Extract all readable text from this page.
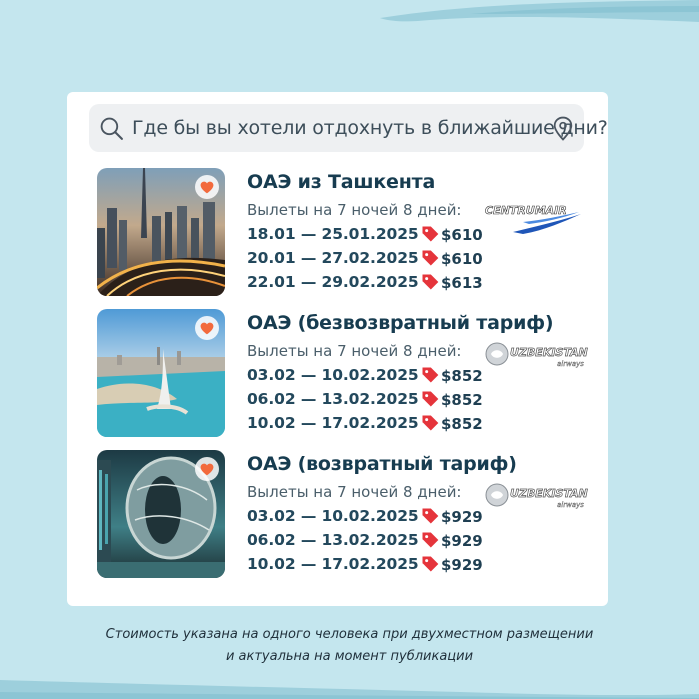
Где бы вы хотели отдохнуть в ближайшие дни?
ОАЭ из Ташкента
Вылеты на 7 ночей 8 дней: CENTRUMAIR
18.01 — 25.01.2025 $610
20.01 — 27.02.2025 $610
22.01 — 29.02.2025 $613
ОАЭ (безвозвратный тариф)
Вылеты на 7 ночей 8 дней:	UZBEKISTAN
airways
03.02 — 10.02.2025 $852
06.02 — 13.02.2025 $852
10.02 — 17.02.2025 $852
ОАЭ (возвратный тариф)
Вылеты на 7 ночей 8 дней:	UZBEKISTAN
airways
03.02 — 10.02.2025 $929
06.02 — 13.02.2025 $929
10.02 — 17.02.2025 $929
Стоимость указана на одного человека при двухместном размещении
и актуальна на момент публикации
